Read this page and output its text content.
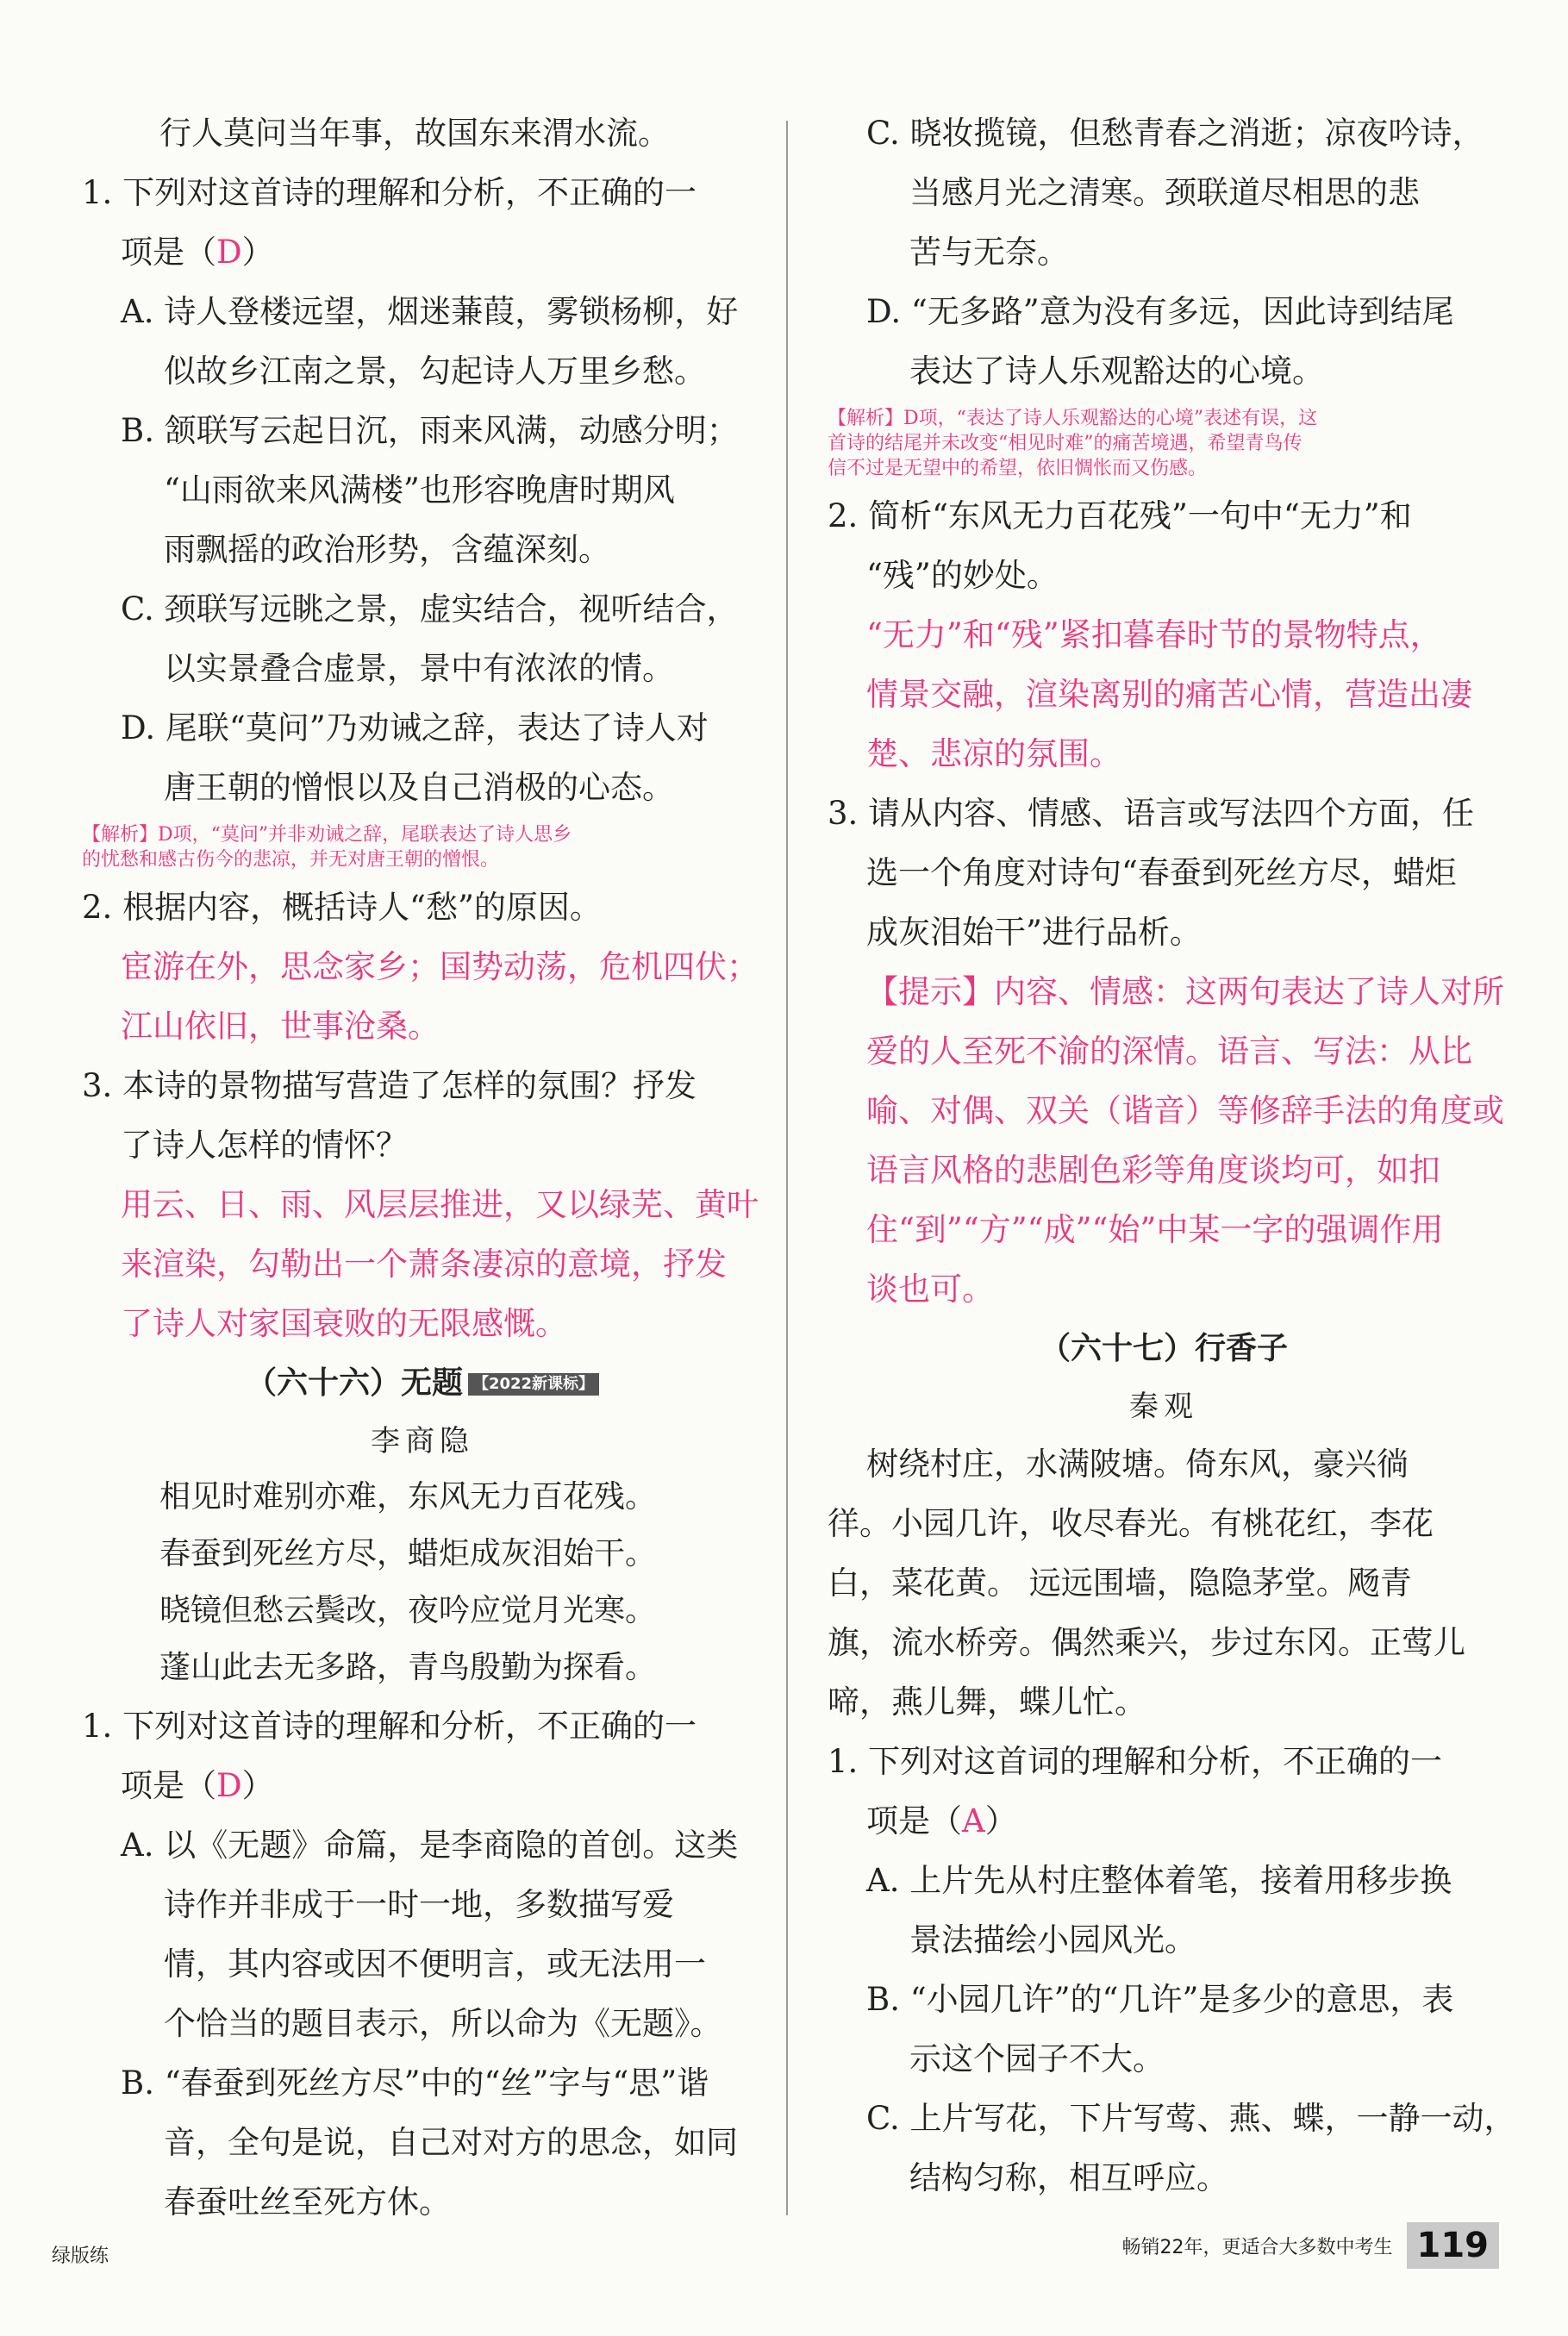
行人莫问当年事，故国东来渭水流。
1. 下列对这首诗的理解和分析，不正确的一
项是（D）
A. 诗人登楼远望，烟迷蒹葭，雾锁杨柳，好
似故乡江南之景，勾起诗人万里乡愁。
B. 颔联写云起日沉，雨来风满，动感分明；
“山雨欲来风满楼”也形容晚唐时期风
雨飘摇的政治形势，含蕴深刻。
C. 颈联写远眺之景，虚实结合，视听结合，
以实景叠合虚景，景中有浓浓的情。
D. 尾联“莫问”乃劝诫之辞，表达了诗人对
唐王朝的憎恨以及自己消极的心态。
【解析】D项，“莫问”并非劝诫之辞，尾联表达了诗人思乡
的忧愁和感古伤今的悲凉，并无对唐王朝的憎恨。
2. 根据内容，概括诗人“愁”的原因。
宦游在外，思念家乡；国势动荡，危机四伏；
江山依旧，世事沧桑。
3. 本诗的景物描写营造了怎样的氛围？抒发
了诗人怎样的情怀？
用云、日、雨、风层层推进，又以绿芜、黄叶
来渲染，勾勒出一个萧条凄凉的意境，抒发
了诗人对家国衰败的无限感慨。
（六十六）无题 【2022新课标】
李商隐
相见时难别亦难，东风无力百花残。
春蚕到死丝方尽，蜡炬成灰泪始干。
晓镜但愁云鬓改，夜吟应觉月光寒。
蓬山此去无多路，青鸟殷勤为探看。
1. 下列对这首诗的理解和分析，不正确的一
项是（D）
A. 以《无题》命篇，是李商隐的首创。这类
诗作并非成于一时一地，多数描写爱
情，其内容或因不便明言，或无法用一
个恰当的题目表示，所以命为《无题》。
B. “春蚕到死丝方尽”中的“丝”字与“思”谐
音，全句是说，自己对对方的思念，如同
春蚕吐丝至死方休。
C. 晓妆揽镜，但愁青春之消逝；凉夜吟诗，
当感月光之清寒。颈联道尽相思的悲
苦与无奈。
D. “无多路”意为没有多远，因此诗到结尾
表达了诗人乐观豁达的心境。
【解析】D项，“表达了诗人乐观豁达的心境”表述有误，这
首诗的结尾并未改变“相见时难”的痛苦境遇，希望青鸟传
信不过是无望中的希望，依旧惆怅而又伤感。
2. 简析“东风无力百花残”一句中“无力”和
“残”的妙处。
“无力”和“残”紧扣暮春时节的景物特点，
情景交融，渲染离别的痛苦心情，营造出凄
楚、悲凉的氛围。
3. 请从内容、情感、语言或写法四个方面，任
选一个角度对诗句“春蚕到死丝方尽，蜡炬
成灰泪始干”进行品析。
【提示】内容、情感：这两句表达了诗人对所
爱的人至死不渝的深情。语言、写法：从比
喻、对偶、双关（谐音）等修辞手法的角度或
语言风格的悲剧色彩等角度谈均可，如扣
住“到”“方”“成”“始”中某一字的强调作用
谈也可。
（六十七）行香子
秦观
树绕村庄，水满陂塘。倚东风，豪兴徜
徉。小园几许，收尽春光。有桃花红，李花
白，菜花黄。 远远围墙，隐隐茅堂。飏青
旗，流水桥旁。偶然乘兴，步过东冈。正莺儿
啼，燕儿舞，蝶儿忙。
1. 下列对这首词的理解和分析，不正确的一
项是（A）
A. 上片先从村庄整体着笔，接着用移步换
景法描绘小园风光。
B. “小园几许”的“几许”是多少的意思，表
示这个园子不大。
C. 上片写花，下片写莺、燕、蝶，一静一动，
结构匀称，相互呼应。
绿版练	畅销22年，更适合大多数中考生 119
